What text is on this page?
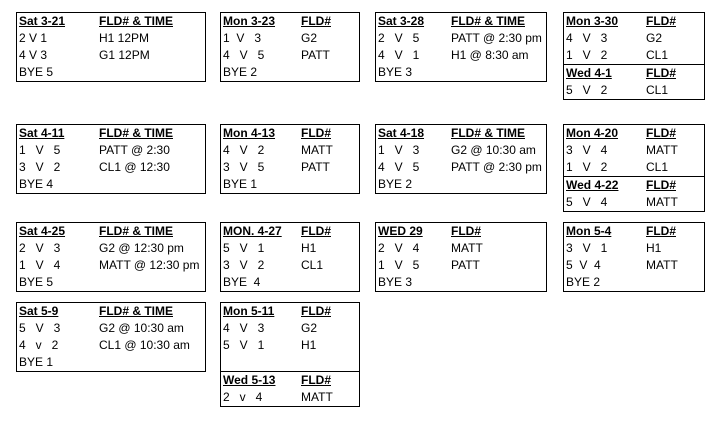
Sat 3-21	FLD# & TIME
2 V 1	H1 12PM
4 V 3	G1 12PM
BYE 5
Mon 3-23 FLD#
1  V   3	G2
4   V   5	PATT
BYE 2
Sat 3-28 FLD# & TIME
2   V   5	PATT @ 2:30 pm
4   V   1	H1 @ 8:30 am
BYE 3
Mon 3-30 FLD#
4   V   3	G2
1   V   2	CL1
Wed 4-1	FLD#
5   V   2	CL1
Sat 4-11	FLD# & TIME
1   V   5	PATT @ 2:30
3   V   2	CL1 @ 12:30
BYE 4
Mon 4-13 FLD#
4   V   2	MATT
3   V   5	PATT
BYE 1
Sat 4-18 FLD# & TIME
1   V   3	G2 @ 10:30 am
4   V   5	PATT @ 2:30 pm
BYE 2
Mon 4-20 FLD#
3   V   4	MATT
1   V   2	CL1
Wed 4-22 FLD#
5   V   4	MATT
Sat 4-25	FLD# & TIME
2   V   3	G2 @ 12:30 pm
1   V   4	MATT @ 12:30 pm
BYE 5
MON. 4-27 FLD#
5   V   1	H1
3   V   2	CL1
BYE  4
WED 29 FLD#
2   V   4	MATT
1   V   5	PATT
BYE 3
Mon 5-4	FLD#
3   V   1	H1
5  V  4	MATT
BYE 2
Sat 5-9	FLD# & TIME
5   V   3	G2 @ 10:30 am
4   v   2	CL1 @ 10:30 am
BYE 1
Mon 5-11 FLD#
4   V   3	G2
5   V   1	H1
Wed 5-13 FLD#
2   v   4	MATT
